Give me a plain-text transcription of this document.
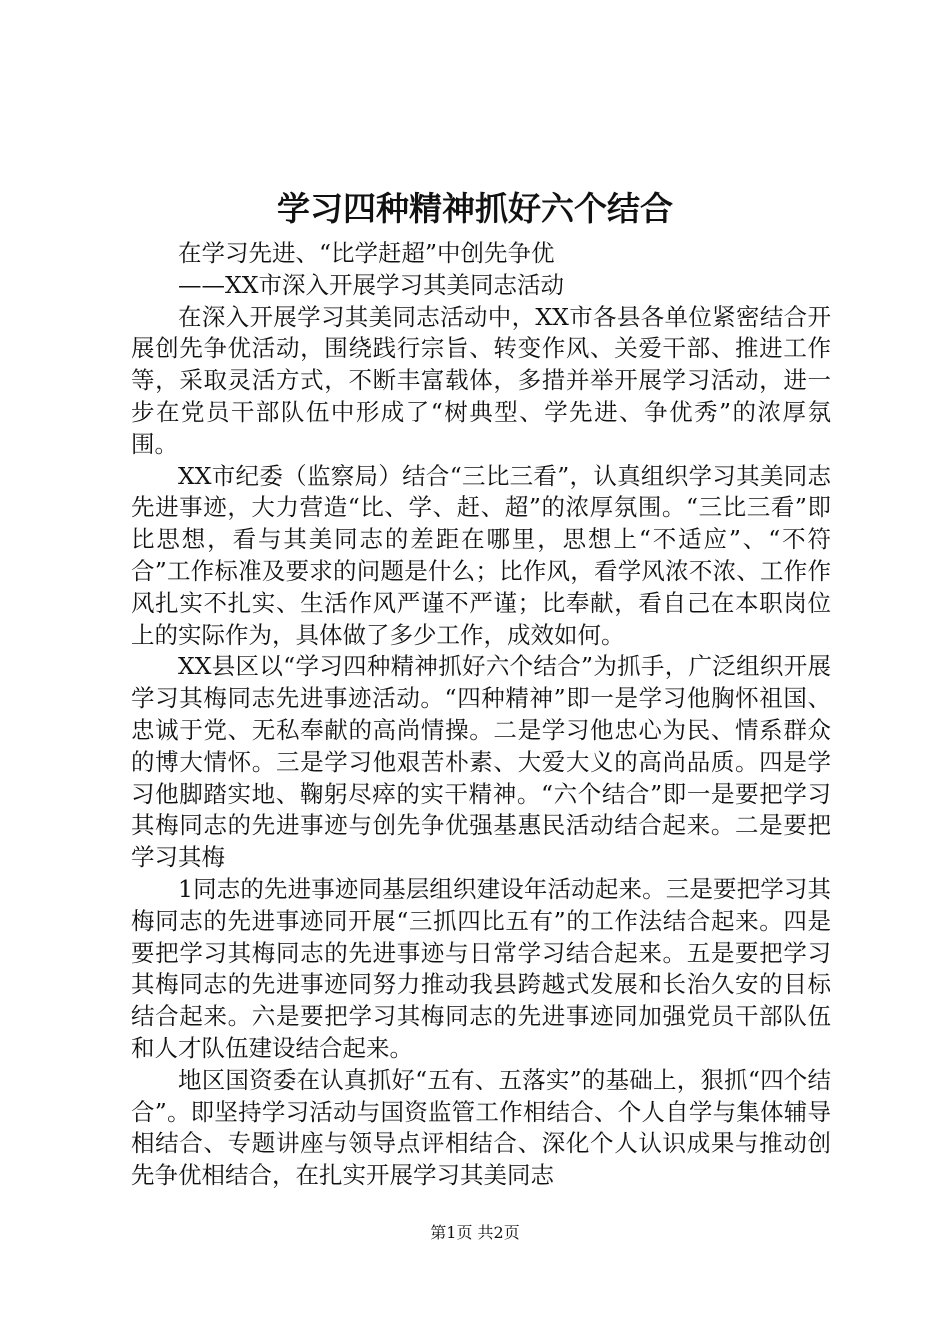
学习四种精神抓好六个结合

在学习先进、“比学赶超”中创先争优

——XX市深入开展学习其美同志活动

在深入开展学习其美同志活动中，XX市各县各单位紧密结合开展创先争优活动，围绕践行宗旨、转变作风、关爱干部、推进工作等，采取灵活方式，不断丰富载体，多措并举开展学习活动，进一步在党员干部队伍中形成了“树典型、学先进、争优秀”的浓厚氛围。

XX市纪委（监察局）结合“三比三看”，认真组织学习其美同志先进事迹，大力营造“比、学、赶、超”的浓厚氛围。“三比三看”即比思想，看与其美同志的差距在哪里，思想上“不适应”、“不符合”工作标准及要求的问题是什么；比作风，看学风浓不浓、工作作风扎实不扎实、生活作风严谨不严谨；比奉献，看自己在本职岗位上的实际作为，具体做了多少工作，成效如何。

XX县区以“学习四种精神抓好六个结合”为抓手，广泛组织开展学习其梅同志先进事迹活动。“四种精神”即一是学习他胸怀祖国、忠诚于党、无私奉献的高尚情操。二是学习他忠心为民、情系群众的博大情怀。三是学习他艰苦朴素、大爱大义的高尚品质。四是学习他脚踏实地、鞠躬尽瘁的实干精神。“六个结合”即一是要把学习其梅同志的先进事迹与创先争优强基惠民活动结合起来。二是要把学习其梅

1同志的先进事迹同基层组织建设年活动起来。三是要把学习其梅同志的先进事迹同开展“三抓四比五有”的工作法结合起来。四是要把学习其梅同志的先进事迹与日常学习结合起来。五是要把学习其梅同志的先进事迹同努力推动我县跨越式发展和长治久安的目标结合起来。六是要把学习其梅同志的先进事迹同加强党员干部队伍和人才队伍建设结合起来。

地区国资委在认真抓好“五有、五落实”的基础上，狠抓“四个结合”。即坚持学习活动与国资监管工作相结合、个人自学与集体辅导相结合、专题讲座与领导点评相结合、深化个人认识成果与推动创先争优相结合，在扎实开展学习其美同志

第1页 共2页
